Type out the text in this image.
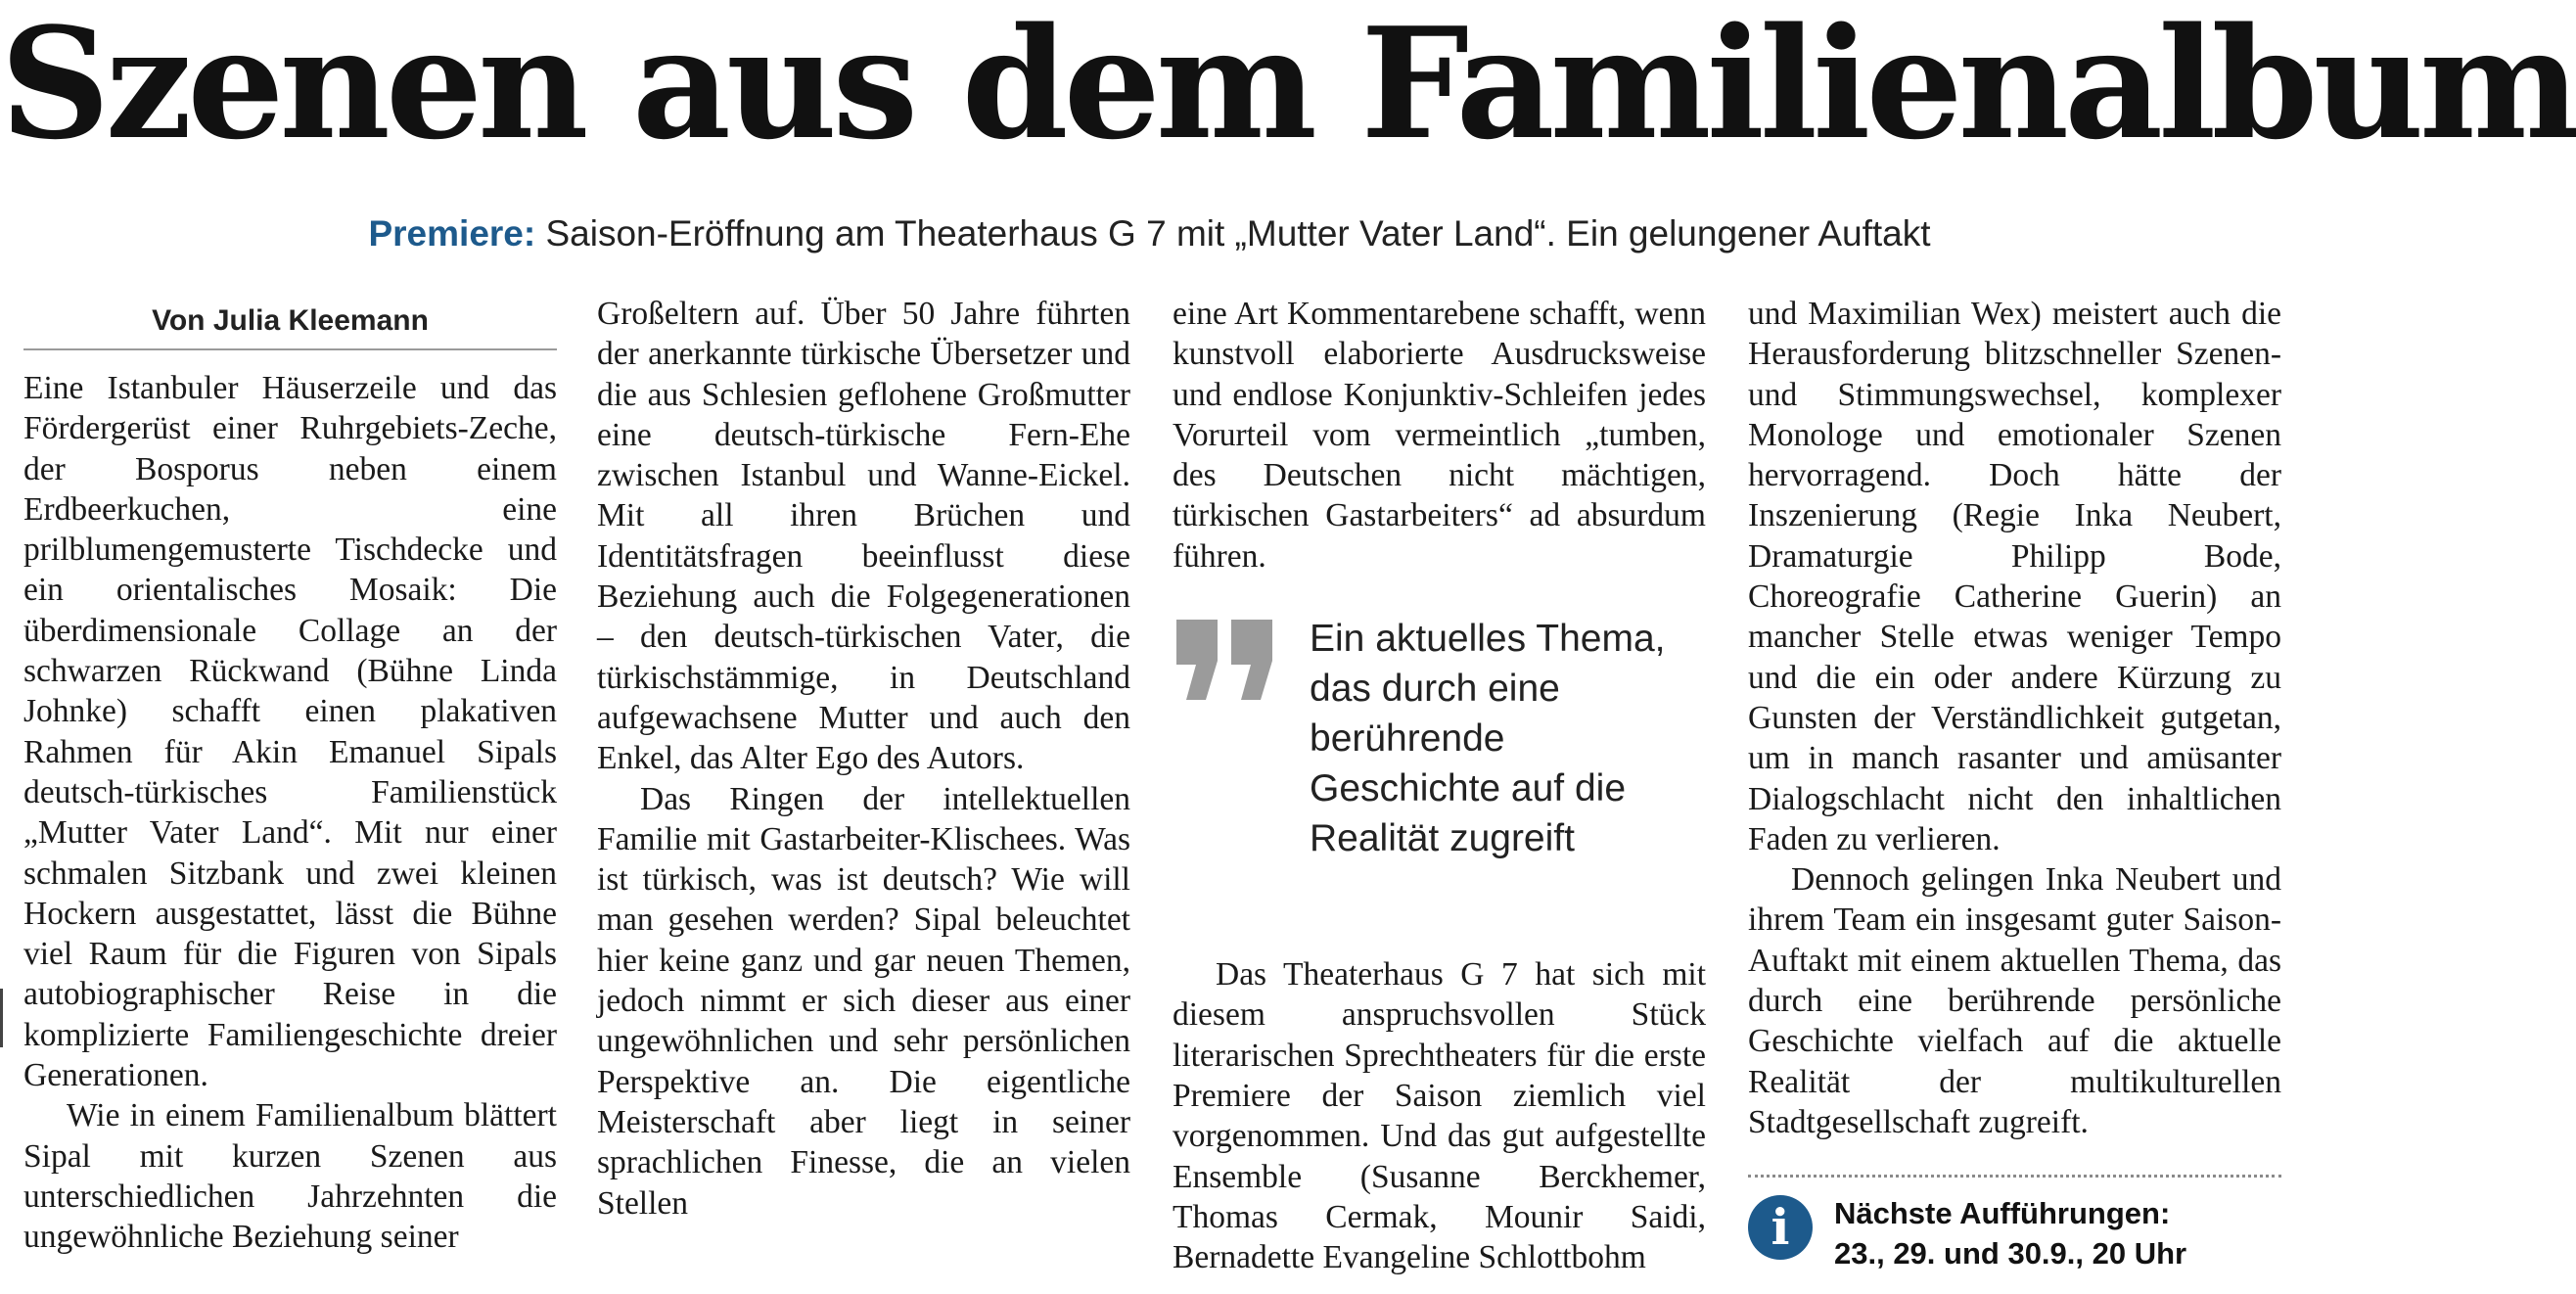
Szenen aus dem Familienalbum

Premiere: Saison-Eröffnung am Theaterhaus G 7 mit „Mutter Vater Land“. Ein gelungener Auftakt

Von Julia Kleemann

Eine Istanbuler Häuserzeile und das Fördergerüst einer Ruhrgebiets-Zeche, der Bosporus neben einem Erdbeerkuchen, eine prilblumengemusterte Tischdecke und ein orientalisches Mosaik: Die überdimensionale Collage an der schwarzen Rückwand (Bühne Linda Johnke) schafft einen plakativen Rahmen für Akin Emanuel Sipals deutsch-türkisches Familienstück „Mutter Vater Land“. Mit nur einer schmalen Sitzbank und zwei kleinen Hockern ausgestattet, lässt die Bühne viel Raum für die Figuren von Sipals autobiographischer Reise in die komplizierte Familiengeschichte dreier Generationen.

Wie in einem Familienalbum blättert Sipal mit kurzen Szenen aus unterschiedlichen Jahrzehnten die ungewöhnliche Beziehung seiner

Großeltern auf. Über 50 Jahre führten der anerkannte türkische Übersetzer und die aus Schlesien geflohene Großmutter eine deutsch-türkische Fern-Ehe zwischen Istanbul und Wanne-Eickel. Mit all ihren Brüchen und Identitätsfragen beeinflusst diese Beziehung auch die Folgegenerationen – den deutsch-türkischen Vater, die türkischstämmige, in Deutschland aufgewachsene Mutter und auch den Enkel, das Alter Ego des Autors.

Das Ringen der intellektuellen Familie mit Gastarbeiter-Klischees. Was ist türkisch, was ist deutsch? Wie will man gesehen werden? Sipal beleuchtet hier keine ganz und gar neuen Themen, jedoch nimmt er sich dieser aus einer ungewöhnlichen und sehr persönlichen Perspektive an. Die eigentliche Meisterschaft aber liegt in seiner sprachlichen Finesse, die an vielen Stellen

eine Art Kommentarebene schafft, wenn kunstvoll elaborierte Ausdrucksweise und endlose Konjunktiv-Schleifen jedes Vorurteil vom vermeintlich „tumben, des Deutschen nicht mächtigen, türkischen Gastarbeiters“ ad absurdum führen.

Ein aktuelles Thema, das durch eine berührende Geschichte auf die Realität zugreift

Das Theaterhaus G 7 hat sich mit diesem anspruchsvollen Stück literarischen Sprechtheaters für die erste Premiere der Saison ziemlich viel vorgenommen. Und das gut aufgestellte Ensemble (Susanne Berckhemer, Thomas Cermak, Mounir Saidi, Bernadette Evangeline Schlottbohm

und Maximilian Wex) meistert auch die Herausforderung blitzschneller Szenen- und Stimmungswechsel, komplexer Monologe und emotionaler Szenen hervorragend. Doch hätte der Inszenierung (Regie Inka Neubert, Dramaturgie Philipp Bode, Choreografie Catherine Guerin) an mancher Stelle etwas weniger Tempo und die ein oder andere Kürzung zu Gunsten der Verständlichkeit gutgetan, um in manch rasanter und amüsanter Dialogschlacht nicht den inhaltlichen Faden zu verlieren.

Dennoch gelingen Inka Neubert und ihrem Team ein insgesamt guter Saison-Auftakt mit einem aktuellen Thema, das durch eine berührende persönliche Geschichte vielfach auf die aktuelle Realität der multikulturellen Stadtgesellschaft zugreift.

i	Nächste Aufführungen:
23., 29. und 30.9., 20 Uhr
